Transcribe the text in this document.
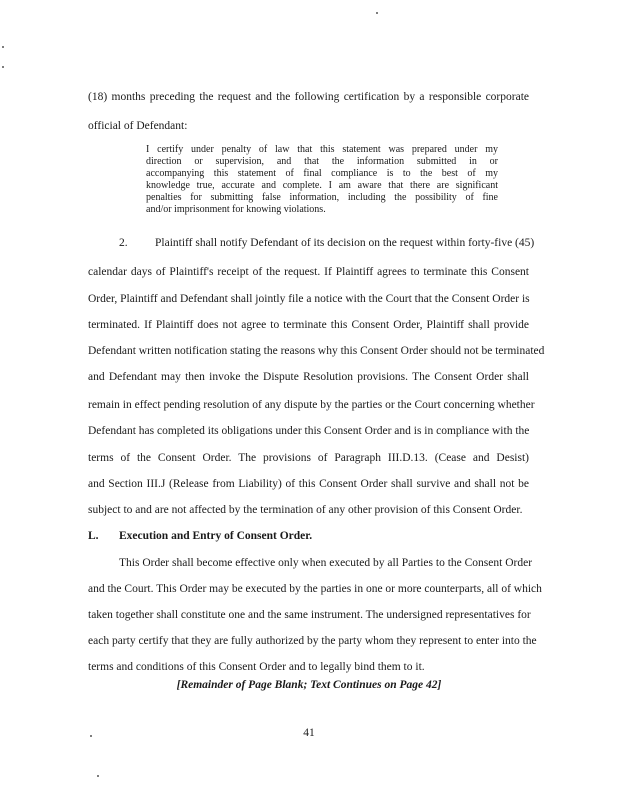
(18) months preceding the request and the following certification by a responsible corporate
official of Defendant:
I certify under penalty of law that this statement was prepared under my
direction or supervision, and that the information submitted in or
accompanying this statement of final compliance is to the best of my
knowledge true, accurate and complete. I am aware that there are significant
penalties for submitting false information, including the possibility of fine
and/or imprisonment for knowing violations.
2. Plaintiff shall notify Defendant of its decision on the request within forty-five (45)
calendar days of Plaintiff's receipt of the request. If Plaintiff agrees to terminate this Consent
Order, Plaintiff and Defendant shall jointly file a notice with the Court that the Consent Order is
terminated. If Plaintiff does not agree to terminate this Consent Order, Plaintiff shall provide
Defendant written notification stating the reasons why this Consent Order should not be terminated
and Defendant may then invoke the Dispute Resolution provisions. The Consent Order shall
remain in effect pending resolution of any dispute by the parties or the Court concerning whether
Defendant has completed its obligations under this Consent Order and is in compliance with the
terms of the Consent Order. The provisions of Paragraph III.D.13. (Cease and Desist)
and Section III.J (Release from Liability) of this Consent Order shall survive and shall not be
subject to and are not affected by the termination of any other provision of this Consent Order.
L. Execution and Entry of Consent Order.
This Order shall become effective only when executed by all Parties to the Consent Order
and the Court. This Order may be executed by the parties in one or more counterparts, all of which
taken together shall constitute one and the same instrument. The undersigned representatives for
each party certify that they are fully authorized by the party whom they represent to enter into the
terms and conditions of this Consent Order and to legally bind them to it.
[Remainder of Page Blank; Text Continues on Page 42]
41
